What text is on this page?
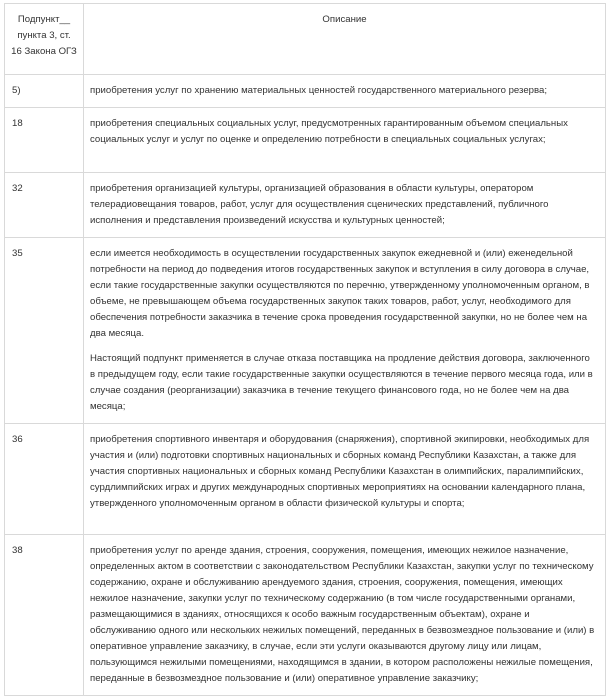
Подпункт__ пункта 3, ст. 16 Закона ОГЗ	Описание
5)	приобретения услуг по хранению материальных ценностей государственного материального резерва;

18	приобретения специальных социальных услуг, предусмотренных гарантированным объемом специальных социальных услуг и услуг по оценке и определению потребности в специальных социальных услугах;

32	приобретения организацией культуры, организацией образования в области культуры, оператором телерадиовещания товаров, работ, услуг для осуществления сценических представлений, публичного исполнения и представления произведений искусства и культурных ценностей;

35	если имеется необходимость в осуществлении государственных закупок ежедневной и (или) еженедельной потребности на период до подведения итогов государственных закупок и вступления в силу договора в случае, если такие государственные закупки осуществляются по перечню, утвержденному уполномоченным органом, в объеме, не превышающем объема государственных закупок таких товаров, работ, услуг, необходимого для обеспечения потребности заказчика в течение срока проведения государственной закупки, но не более чем на два месяца.

Настоящий подпункт применяется в случае отказа поставщика на продление действия договора, заключенного в предыдущем году, если такие государственные закупки осуществляются в течение первого месяца года, или в случае создания (реорганизации) заказчика в течение текущего финансового года, но не более чем на два месяца;

36	приобретения спортивного инвентаря и оборудования (снаряжения), спортивной экипировки, необходимых для участия и (или) подготовки спортивных национальных и сборных команд Республики Казахстан, а также для участия спортивных национальных и сборных команд Республики Казахстан в олимпийских, паралимпийских, сурдлимпийских играх и других международных спортивных мероприятиях на основании календарного плана, утвержденного уполномоченным органом в области физической культуры и спорта;

38	приобретения услуг по аренде здания, строения, сооружения, помещения, имеющих нежилое назначение, определенных актом в соответствии с законодательством Республики Казахстан, закупки услуг по техническому содержанию, охране и обслуживанию арендуемого здания, строения, сооружения, помещения, имеющих нежилое назначение, закупки услуг по техническому содержанию (в том числе государственными органами, размещающимися в зданиях, относящихся к особо важным государственным объектам), охране и обслуживанию одного или нескольких нежилых помещений, переданных в безвозмездное пользование и (или) в оперативное управление заказчику, в случае, если эти услуги оказываются другому лицу или лицам, пользующимся нежилыми помещениями, находящимся в здании, в котором расположены нежилые помещения, переданные в безвозмездное пользование и (или) оперативное управление заказчику;
